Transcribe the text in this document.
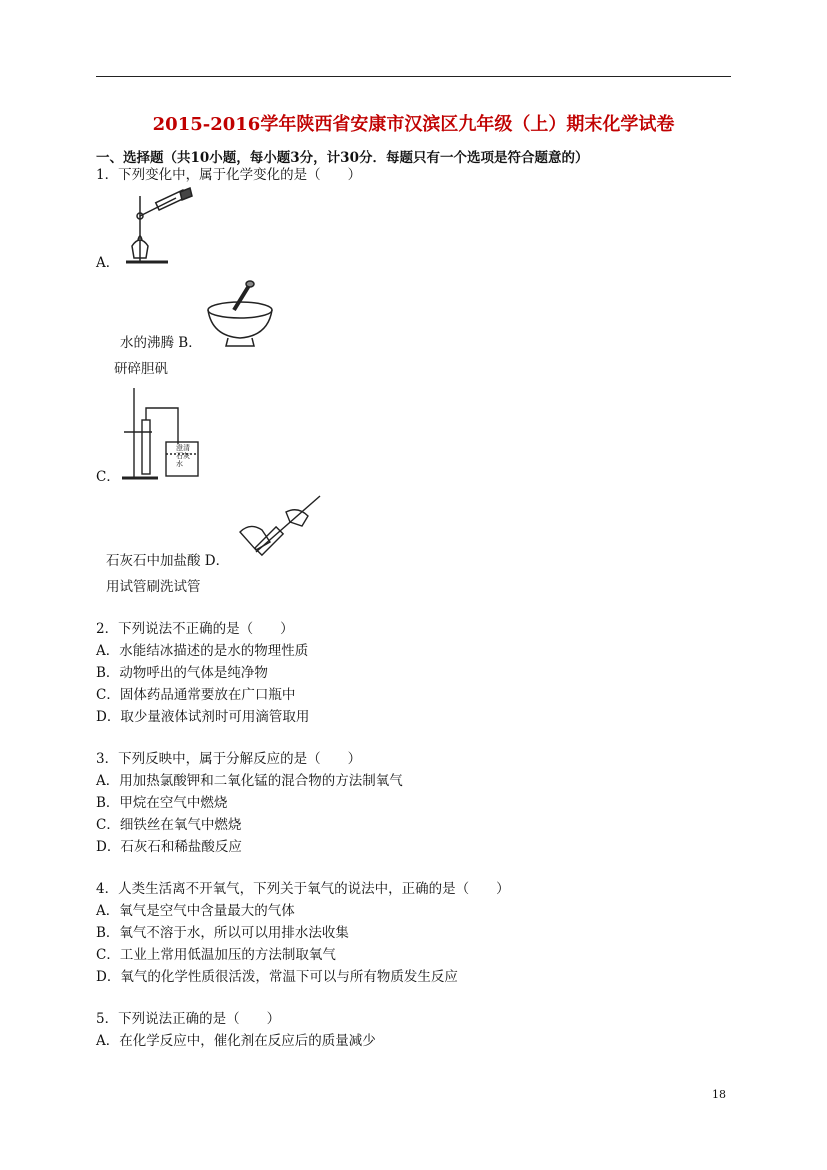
2015-2016学年陕西省安康市汉滨区九年级（上）期末化学试卷
一、选择题（共10小题，每小题3分，计30分．每题只有一个选项是符合题意的）
1．下列变化中，属于化学变化的是（　　）
A．
水的沸腾 B．
研碎胆矾
澄清石灰水
C．
石灰石中加盐酸 D．
用试管刷洗试管
2．下列说法不正确的是（　　）
A．水能结冰描述的是水的物理性质
B．动物呼出的气体是纯净物
C．固体药品通常要放在广口瓶中
D．取少量液体试剂时可用滴管取用
3．下列反映中，属于分解反应的是（　　）
A．用加热氯酸钾和二氧化锰的混合物的方法制氧气
B．甲烷在空气中燃烧
C．细铁丝在氧气中燃烧
D．石灰石和稀盐酸反应
4．人类生活离不开氧气，下列关于氧气的说法中，正确的是（　　）
A．氧气是空气中含量最大的气体
B．氧气不溶于水，所以可以用排水法收集
C．工业上常用低温加压的方法制取氧气
D．氧气的化学性质很活泼，常温下可以与所有物质发生反应
5．下列说法正确的是（　　）
A．在化学反应中，催化剂在反应后的质量减少
18
